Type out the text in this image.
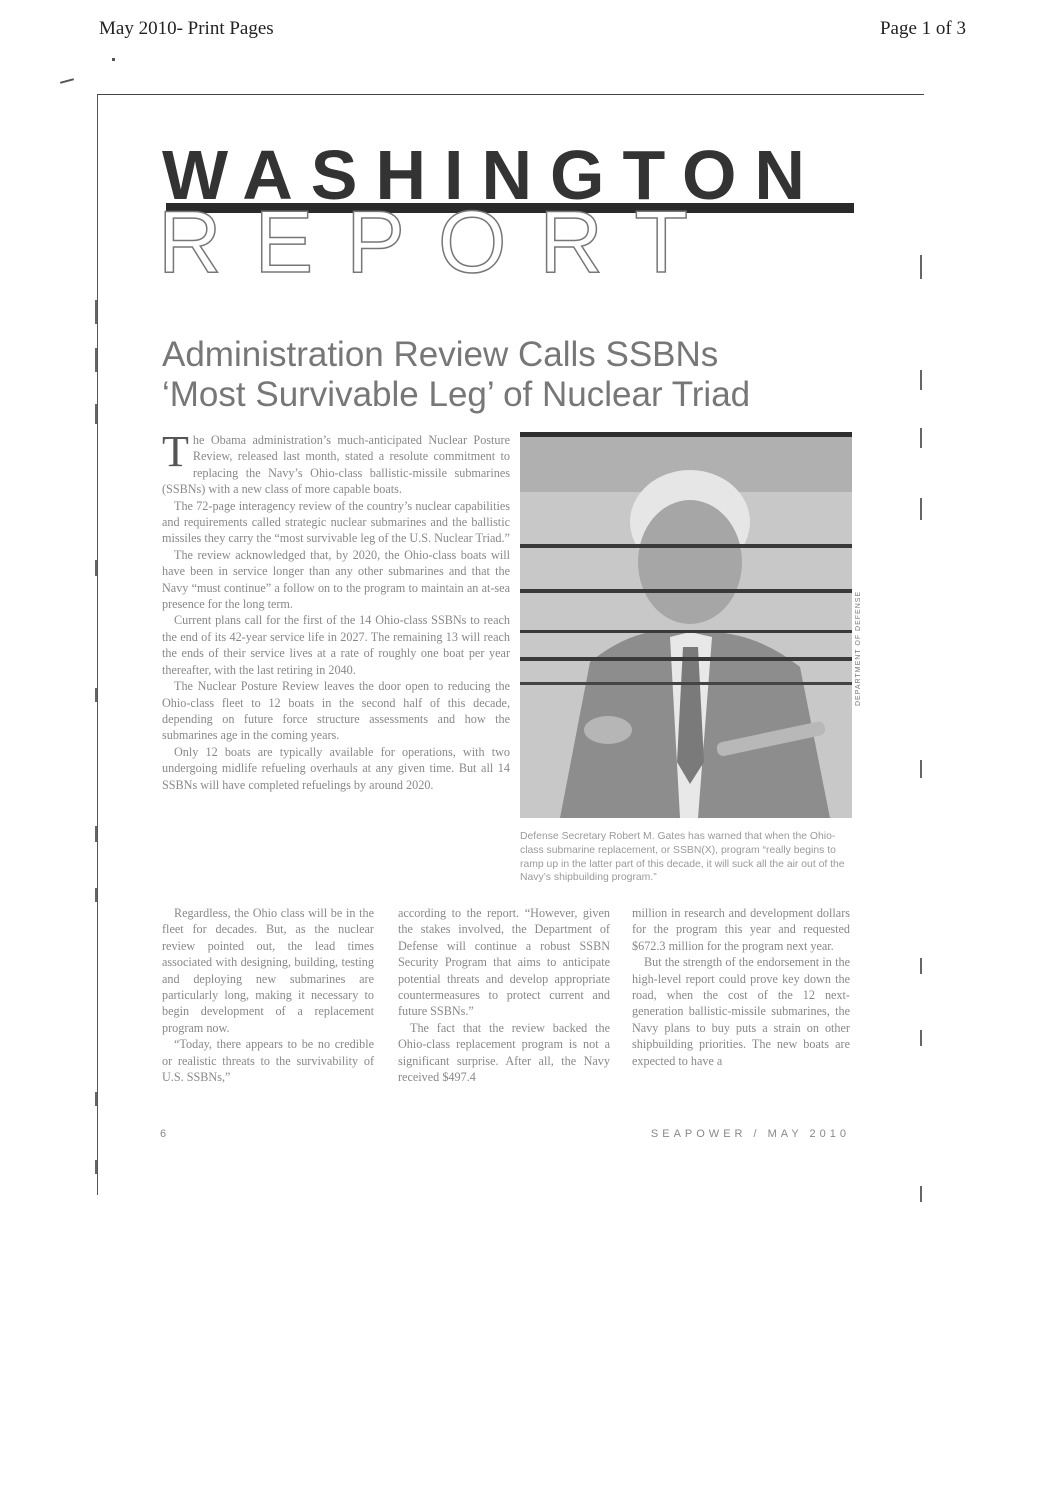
May 2010- Print Pages	Page 1 of 3
WASHINGTON
REPORT
Administration Review Calls SSBNs
‘Most Survivable Leg’ of Nuclear Triad

The Obama administration’s much-anticipated Nuclear Posture Review, released last month, stated a resolute commitment to replacing the Navy’s Ohio-class ballistic-missile submarines (SSBNs) with a new class of more capable boats.

The 72-page interagency review of the country’s nuclear capabilities and requirements called strategic nuclear submarines and the ballistic missiles they carry the “most survivable leg of the U.S. Nuclear Triad.”

The review acknowledged that, by 2020, the Ohio-class boats will have been in service longer than any other submarines and that the Navy “must continue” a follow on to the program to maintain an at-sea presence for the long term.

Current plans call for the first of the 14 Ohio-class SSBNs to reach the end of its 42-year service life in 2027. The remaining 13 will reach the ends of their service lives at a rate of roughly one boat per year thereafter, with the last retiring in 2040.

The Nuclear Posture Review leaves the door open to reducing the Ohio-class fleet to 12 boats in the second half of this decade, depending on future force structure assessments and how the submarines age in the coming years.

Only 12 boats are typically available for operations, with two undergoing midlife refueling overhauls at any given time. But all 14 SSBNs will have completed refuelings by around 2020.

DEPARTMENT OF DEFENSE
Defense Secretary Robert M. Gates has warned that when the Ohio-class submarine replacement, or SSBN(X), program “really begins to ramp up in the latter part of this decade, it will suck all the air out of the Navy’s shipbuilding program.”

Regardless, the Ohio class will be in the fleet for decades. But, as the nuclear review pointed out, the lead times associated with designing, building, testing and deploying new submarines are particularly long, making it necessary to begin development of a replacement program now.

“Today, there appears to be no credible or realistic threats to the survivability of U.S. SSBNs,”

according to the report. “However, given the stakes involved, the Department of Defense will continue a robust SSBN Security Program that aims to anticipate potential threats and develop appropriate countermeasures to protect current and future SSBNs.”

The fact that the review backed the Ohio-class replacement program is not a significant surprise. After all, the Navy received $497.4

million in research and development dollars for the program this year and requested $672.3 million for the program next year.

But the strength of the endorsement in the high-level report could prove key down the road, when the cost of the 12 next-generation ballistic-missile submarines, the Navy plans to buy puts a strain on other shipbuilding priorities. The new boats are expected to have a

6	SEAPOWER / MAY 2010
